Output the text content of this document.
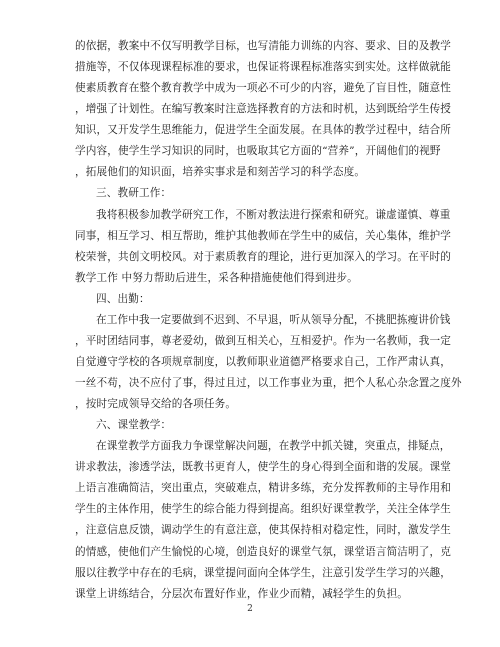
的依据，教案中不仅写明教学目标，也写清能力训练的内容、要求、目的及教学
措施等，不仅体现课程标准的要求，也保证将课程标准落实到实处。这样做就能
使素质教育在整个教育教学中成为一项必不可少的内容，避免了盲目性，随意性
，增强了计划性。在编写教案时注意选择教育的方法和时机，达到既给学生传授
知识，又开发学生思维能力，促进学生全面发展。在具体的教学过程中，结合所
学内容，使学生学习知识的同时，也吸取其它方面的“营养”，开阔他们的视野
，拓展他们的知识面，培养实事求是和刻苦学习的科学态度。
三、教研工作：
我将积极参加教学研究工作，不断对教法进行探索和研究。谦虚谨慎、尊重
同事，相互学习、相互帮助，维护其他教师在学生中的威信，关心集体，维护学
校荣誉，共创文明校风。对于素质教育的理论，进行更加深入的学习。在平时的
教学工作 中努力帮助后进生，采各种措施使他们得到进步。
四、出勤：
在工作中我一定要做到不迟到、不早退，听从领导分配，不挑肥拣瘦讲价钱
，平时团结同事，尊老爱幼，做到互相关心，互相爱护。作为一名教师，我一定
自觉遵守学校的各项规章制度，以教师职业道德严格要求自己，工作严肃认真，
一丝不苟，决不应付了事，得过且过，以工作事业为重，把个人私心杂念置之度外
，按时完成领导交给的各项任务。
六、课堂教学：
在课堂教学方面我力争课堂解决问题，在教学中抓关键，突重点，排疑点，
讲求教法，渗透学法，既教书更育人，使学生的身心得到全面和谐的发展。课堂
上语言准确简洁，突出重点，突破难点，精讲多练，充分发挥教师的主导作用和
学生的主体作用，使学生的综合能力得到提高。组织好课堂教学，关注全体学生
，注意信息反馈，调动学生的有意注意，使其保持相对稳定性，同时，激发学生
的情感，使他们产生愉悦的心境，创造良好的课堂气氛，课堂语言简洁明了，克
服以往教学中存在的毛病，课堂提问面向全体学生，注意引发学生学习的兴趣，
课堂上讲练结合，分层次布置好作业，作业少而精，减轻学生的负担。
2
